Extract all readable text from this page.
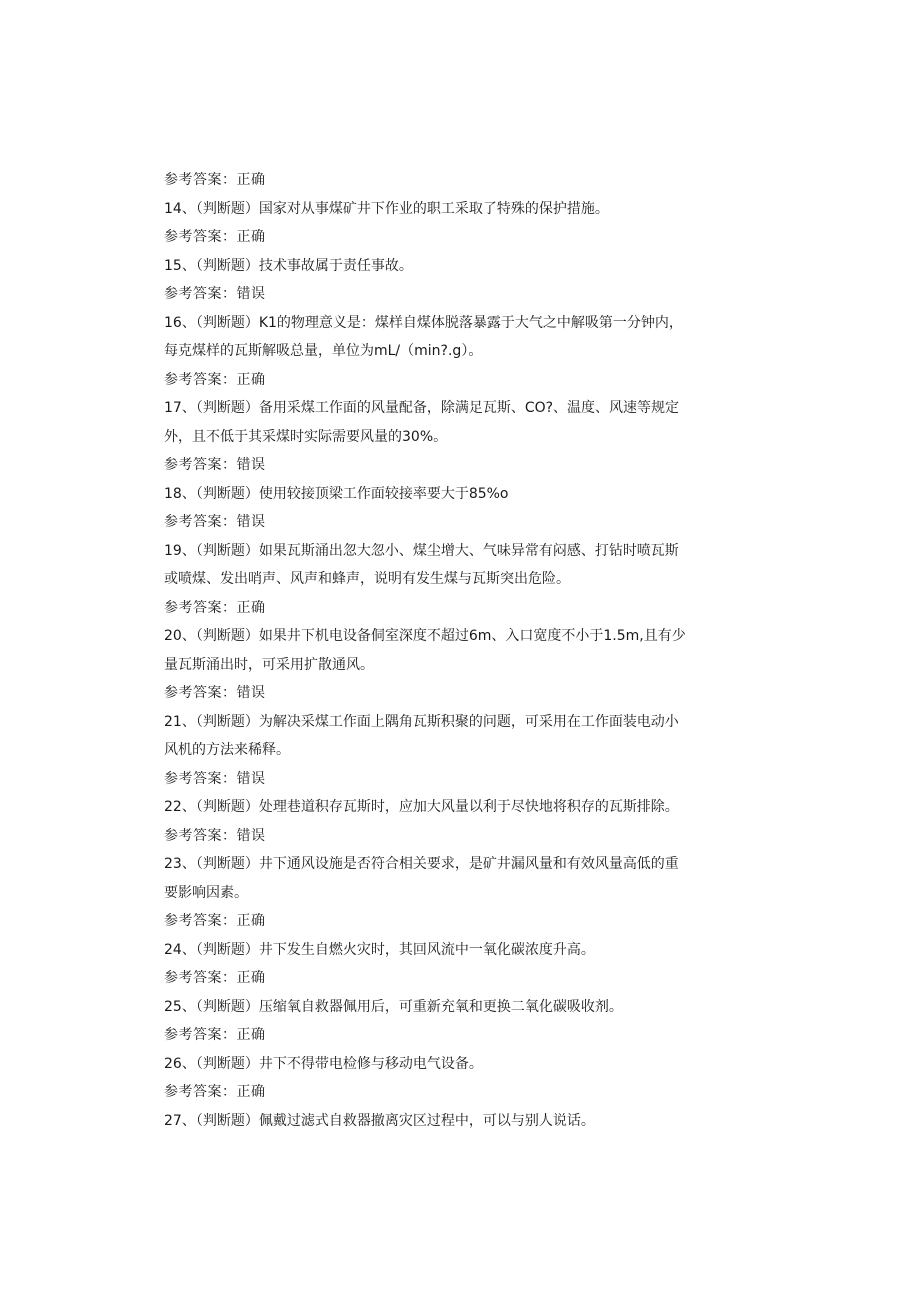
参考答案：正确
14、（判断题）国家对从事煤矿井下作业的职工采取了特殊的保护措施。
参考答案：正确
15、（判断题）技术事故属于责任事故。
参考答案：错误
16、（判断题）K1的物理意义是：煤样自煤体脱落暴露于大气之中解吸第一分钟内，
每克煤样的瓦斯解吸总量，单位为mL/（min?.g）。
参考答案：正确
17、（判断题）备用采煤工作面的风量配备，除满足瓦斯、CO?、温度、风速等规定
外，且不低于其采煤时实际需要风量的30%。
参考答案：错误
18、（判断题）使用较接顶梁工作面较接率要大于85%o
参考答案：错误
19、（判断题）如果瓦斯涌出忽大忽小、煤尘增大、气味异常有闷感、打钻时喷瓦斯
或喷煤、发出哨声、风声和蜂声，说明有发生煤与瓦斯突出危险。
参考答案：正确
20、（判断题）如果井下机电设备侗室深度不超过6m、入口宽度不小于1.5m,且有少
量瓦斯涌出时，可采用扩散通风。
参考答案：错误
21、（判断题）为解决采煤工作面上隅角瓦斯积聚的问题，可采用在工作面装电动小
风机的方法来稀释。
参考答案：错误
22、（判断题）处理巷道积存瓦斯时，应加大风量以利于尽快地将积存的瓦斯排除。
参考答案：错误
23、（判断题）井下通风设施是否符合相关要求，是矿井漏风量和有效风量高低的重
要影响因素。
参考答案：正确
24、（判断题）井下发生自燃火灾时，其回风流中一氧化碳浓度升高。
参考答案：正确
25、（判断题）压缩氧自救器佩用后，可重新充氧和更换二氧化碳吸收剂。
参考答案：正确
26、（判断题）井下不得带电检修与移动电气设备。
参考答案：正确
27、（判断题）佩戴过滤式自救器撤离灾区过程中，可以与别人说话。
